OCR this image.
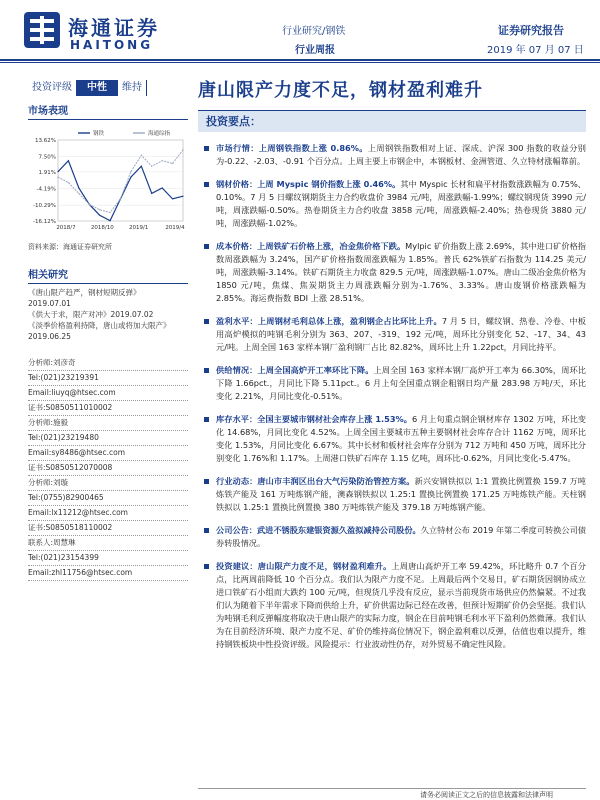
海通证券
HAITONG
行业研究/钢铁
行业周报
证券研究报告
2019 年 07 月 07 日
投资评级	中性	维持	唐山限产力度不足，钢材盈利难升
市场表现
13.62%
7.50%
1.91%
-4.19%
-10.29%
-16.12%
2018/7	2018/10	2019/1	2019/4
钢铁	海通综指
资料来源：海通证券研究所
相关研究
《唐山限产趋严，钢材短期反弹》
2019.07.01
《供大于求，限产对冲》2019.07.02
《淡季价格盈利持降，唐山或将加大限产》2019.06.25
分析师:刘彦奇
Tel:(021)23219391
Email:liuyq@htsec.com
证书:S0850511010002
分析师:施毅
Tel:(021)23219480
Email:sy8486@htsec.com
证书:S0850512070008
分析师:刘璇
Tel:(0755)82900465
Email:lx11212@htsec.com
证书:S0850518110002
联系人:周慧琳
Tel:(021)23154399
Email:zhl11756@htsec.com
投资要点：
市场行情：上周钢铁指数上涨 0.86%。上周钢铁指数相对上证、深成、沪深 300 指数的收益分别为-0.22、-2.03、-0.91 个百分点。上周主要上市钢企中，本钢板材、金洲管道、久立特材涨幅靠前。
钢材价格：上周 Myspic 钢价指数上涨 0.46%。其中 Myspic 长材和扁平材指数涨跌幅为 0.75%、0.10%。7 月 5 日螺纹钢期货主力合约收盘价 3984 元/吨，周涨跌幅-1.99%；螺纹钢现货 3990 元/吨，周涨跌幅-0.50%。热卷期货主力合约收盘 3858 元/吨，周涨跌幅-2.40%；热卷现货 3880 元/吨，周涨跌幅-1.02%。
成本价格：上周铁矿石价格上涨，冶金焦价格下跌。Mylpic 矿价指数上涨 2.69%，其中进口矿价格指数周涨跌幅为 3.24%，国产矿价格指数周涨跌幅为 1.85%。普氏 62%铁矿石指数为 114.25 美元/吨，周涨跌幅-3.14%。铁矿石期货主力收盘 829.5 元/吨，周涨跌幅-1.07%。唐山二级冶金焦价格为 1850 元/吨，焦煤、焦炭期货主力周涨跌幅分别为-1.76%、3.33%。唐山废钢价格涨跌幅为 2.85%。海运费指数 BDI 上涨 28.51%。
盈利水平：上周钢材毛利总体上涨，盈利钢企占比环比上升。7 月 5 日，螺纹钢、热卷、冷卷、中板用高炉模拟的吨钢毛利分别为 363、207、-319、192 元/吨，周环比分别变化 52、-17、34、43 元/吨。上周全国 163 家样本钢厂盈利钢厂占比 82.82%，周环比上升 1.22pct，月同比持平。
供给情况：上周全国高炉开工率环比下降。上周全国 163 家样本钢厂高炉开工率为 66.30%，周环比下降 1.66pct.，月同比下降 5.11pct.。6 月上旬全国重点钢企粗钢日均产量 283.98 万吨/天，环比变化 2.21%，月同比变化-0.51%。
库存水平：全国主要城市钢材社会库存上涨 1.53%。6 月上旬重点钢企钢材库存 1302 万吨，环比变化 14.68%，月同比变化 4.52%。上周全国主要城市五种主要钢材社会库存合计 1162 万吨，周环比变化 1.53%，月同比变化 6.67%。其中长材和板材社会库存分别为 712 万吨和 450 万吨，周环比分别变化 1.76%和 1.17%。上周港口铁矿石库存 1.15 亿吨，周环比-0.62%，月同比变化-5.47%。
行业动态：唐山市丰润区出台大气污染防治管控方案。新兴安钢铁拟以 1:1 置换比例置换 159.7 万吨炼铁产能及 161 万吨炼钢产能，澳森钢铁拟以 1.25:1 置换比例置换 171.25 万吨炼铁产能。天柱钢铁拟以 1.25:1 置换比例置换 380 万吨炼铁产能及 379.18 万吨炼钢产能。
公司公告：武进不锈股东建银资源久盈拟减持公司股份。久立特材公布 2019 年第二季度可转换公司债券转股情况。
投资建议：唐山限产力度不足，钢材盈利难升。上周唐山高炉开工率 59.42%，环比略升 0.7 个百分点，比两周前降低 10 个百分点。我们认为限产力度不足。上周最后两个交易日，矿石期货因钢协成立进口铁矿石小组而大跌约 100 元/吨，但现货几乎没有反应，显示当前现货市场供应仍然偏紧。不过我们认为随着下半年需求下降而供给上升，矿价供需边际已经在改善，但预计短期矿价仍会坚挺。我们认为吨钢毛利反弹幅度将取决于唐山限产的实际力度，钢企在目前吨钢毛利水平下盈利仍然微薄。我们认为在目前经济环境、限产力度不足、矿价仍维持高位情况下，钢企盈利难以反弹，估值也难以提升，维持钢铁板块中性投资评级。风险提示：行业波动性仍存，对外贸易不确定性风险。
请务必阅读正文之后的信息披露和法律声明
